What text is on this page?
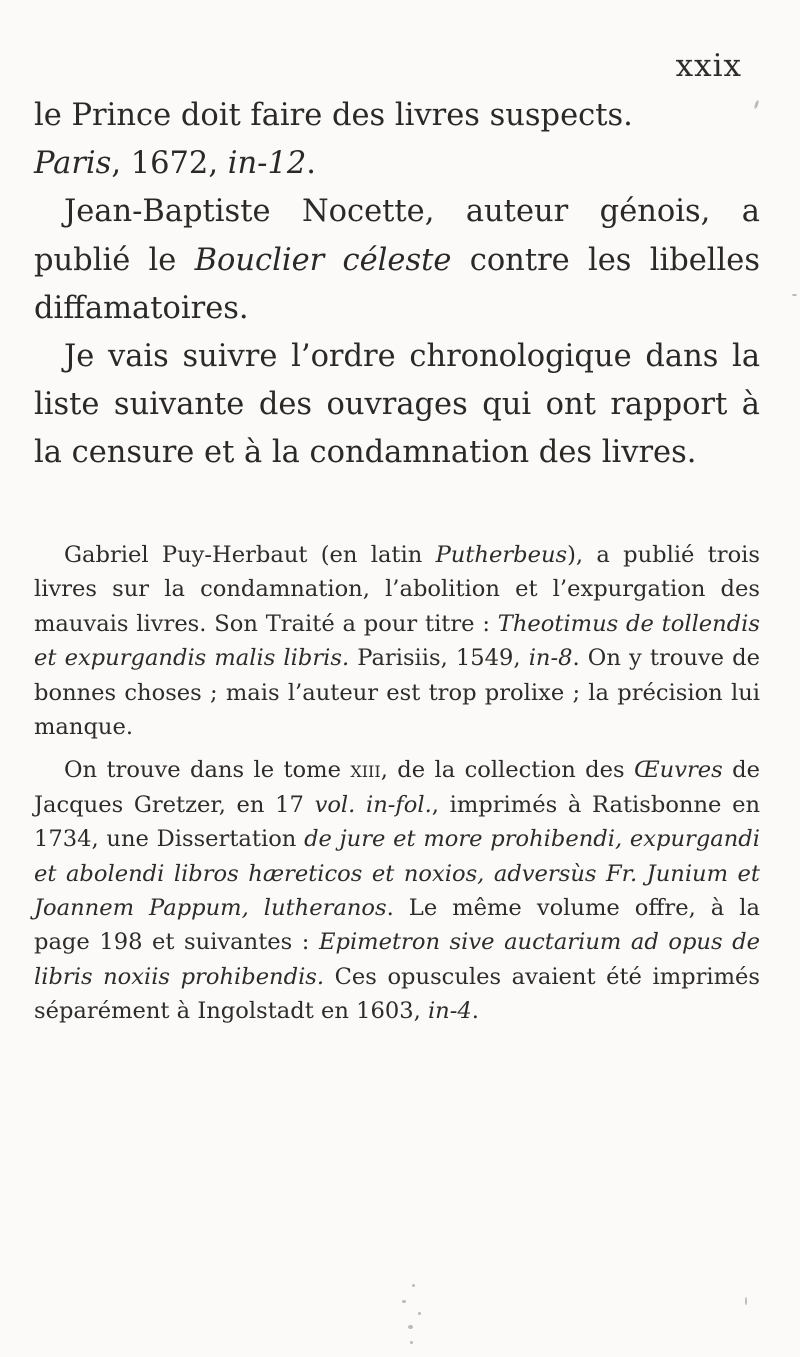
xxix

le Prince doit faire des livres suspects.
Paris, 1672, in-12.

Jean-Baptiste Nocette, auteur génois, a publié le Bouclier céleste contre les libelles diffamatoires.

Je vais suivre l’ordre chronologique dans la liste suivante des ouvrages qui ont rapport à la censure et à la condamnation des livres.

Gabriel Puy-Herbaut (en latin Putherbeus), a publié trois livres sur la condamnation, l’abolition et l’expurgation des mauvais livres. Son Traité a pour titre : Theotimus de tollendis et expurgandis malis libris. Parisiis, 1549, in-8. On y trouve de bonnes choses ; mais l’auteur est trop prolixe ; la précision lui manque.

On trouve dans le tome xiii, de la collection des Œuvres de Jacques Gretzer, en 17 vol. in-fol., imprimés à Ratisbonne en 1734, une Dissertation de jure et more prohibendi, expurgandi et abolendi libros hæreticos et noxios, adversùs Fr. Junium et Joannem Pappum, lutheranos. Le même volume offre, à la page 198 et suivantes : Epimetron sive auctarium ad opus de libris noxiis prohibendis. Ces opuscules avaient été imprimés séparément à Ingolstadt en 1603, in-4.
